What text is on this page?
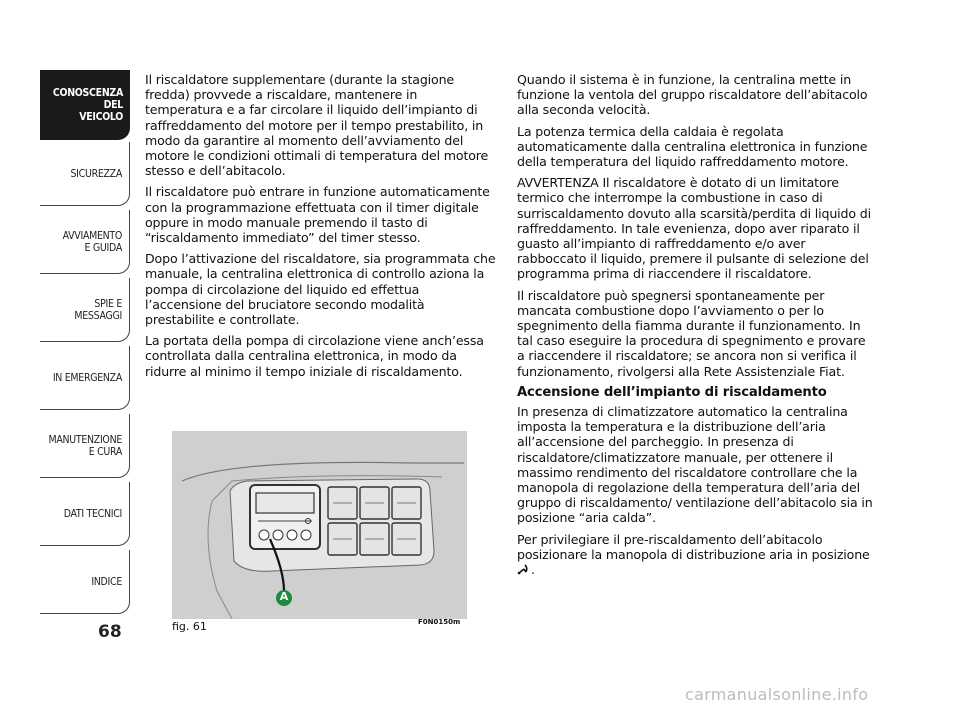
CONOSCENZA
DEL
VEICOLO
SICUREZZA
AVVIAMENTO
E GUIDA
SPIE E
MESSAGGI
IN EMERGENZA
MANUTENZIONE
E CURA
DATI TECNICI
INDICE
68

Il riscaldatore supplementare (durante la stagione fredda) provvede a riscaldare, mantenere in temperatura e a far circolare il liquido dell’impianto di raffreddamento del motore per il tempo prestabilito, in modo da garantire al momento dell’avviamento del motore le condizioni ottimali di temperatura del motore stesso e dell’abitacolo.

Il riscaldatore può entrare in funzione automaticamente con la programmazione effettuata con il timer digitale oppure in modo manuale premendo il tasto di “riscaldamento immediato” del timer stesso.

Dopo l’attivazione del riscaldatore, sia programmata che manuale, la centralina elettronica di controllo aziona la pompa di circolazione del liquido ed effettua l’accensione del bruciatore secondo modalità prestabilite e controllate.

La portata della pompa di circolazione viene anch’essa controllata dalla centralina elettronica, in modo da ridurre al minimo il tempo iniziale di riscaldamento.

Quando il sistema è in funzione, la centralina mette in funzione la ventola del gruppo riscaldatore dell’abitacolo alla seconda velocità.

La potenza termica della caldaia è regolata automaticamente dalla centralina elettronica in funzione della temperatura del liquido raffreddamento motore.

AVVERTENZA Il riscaldatore è dotato di un limitatore termico che interrompe la combustione in caso di surriscaldamento dovuto alla scarsità/perdita di liquido di raffreddamento. In tale evenienza, dopo aver riparato il guasto all’impianto di raffreddamento e/o aver rabboccato il liquido, premere il pulsante di selezione del programma prima di riaccendere il riscaldatore.

Il riscaldatore può spegnersi spontaneamente per mancata combustione dopo l’avviamento o per lo spegnimento della fiamma durante il funzionamento. In tal caso eseguire la procedura di spegnimento e provare a riaccendere il riscaldatore; se ancora non si verifica il funzionamento, rivolgersi alla Rete Assistenziale Fiat.

Accensione dell’impianto di riscaldamento

In presenza di climatizzatore automatico la centralina imposta la temperatura e la distribuzione dell’aria all’accensione del parcheggio. In presenza di riscaldatore/climatizzatore manuale, per ottenere il massimo rendimento del riscaldatore controllare che la manopola di regolazione della temperatura dell’aria del gruppo di riscaldamento/ ventilazione dell’abitacolo sia in posizione “aria calda”.

Per privilegiare il pre-riscaldamento dell’abitacolo posizionare la manopola di distribuzione aria in posizione .

A
fig. 61	F0N0150m
carmanualsonline.info
